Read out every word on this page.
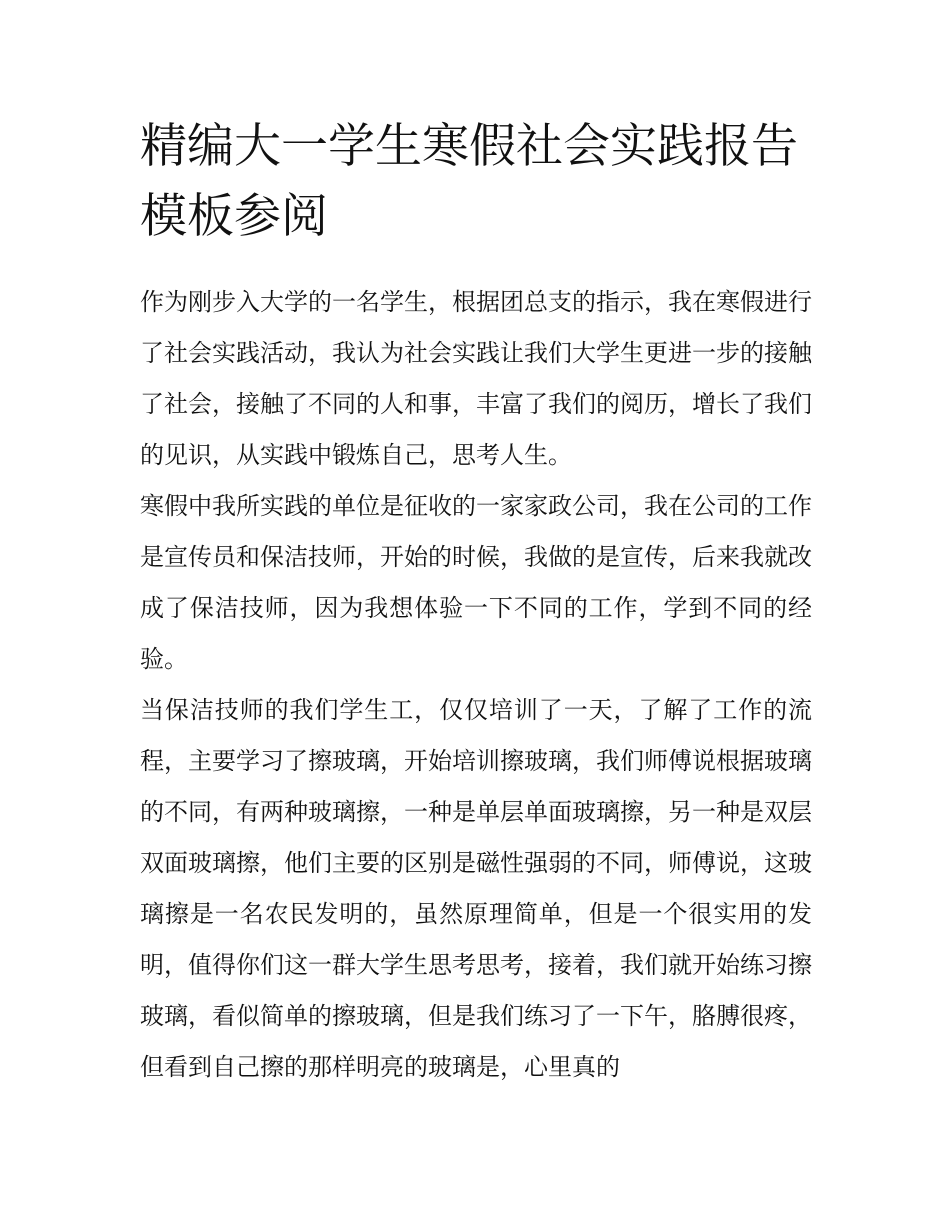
精编大一学生寒假社会实践报告模板参阅

作为刚步入大学的一名学生，根据团总支的指示，我在寒假进行了社会实践活动，我认为社会实践让我们大学生更进一步的接触了社会，接触了不同的人和事，丰富了我们的阅历，增长了我们的见识，从实践中锻炼自己，思考人生。

寒假中我所实践的单位是征收的一家家政公司，我在公司的工作是宣传员和保洁技师，开始的时候，我做的是宣传，后来我就改成了保洁技师，因为我想体验一下不同的工作，学到不同的经验。

当保洁技师的我们学生工，仅仅培训了一天，了解了工作的流程，主要学习了擦玻璃，开始培训擦玻璃，我们师傅说根据玻璃的不同，有两种玻璃擦，一种是单层单面玻璃擦，另一种是双层双面玻璃擦，他们主要的区别是磁性强弱的不同，师傅说，这玻璃擦是一名农民发明的，虽然原理简单，但是一个很实用的发明，值得你们这一群大学生思考思考，接着，我们就开始练习擦玻璃，看似简单的擦玻璃，但是我们练习了一下午，胳膊很疼，但看到自己擦的那样明亮的玻璃是，心里真的
